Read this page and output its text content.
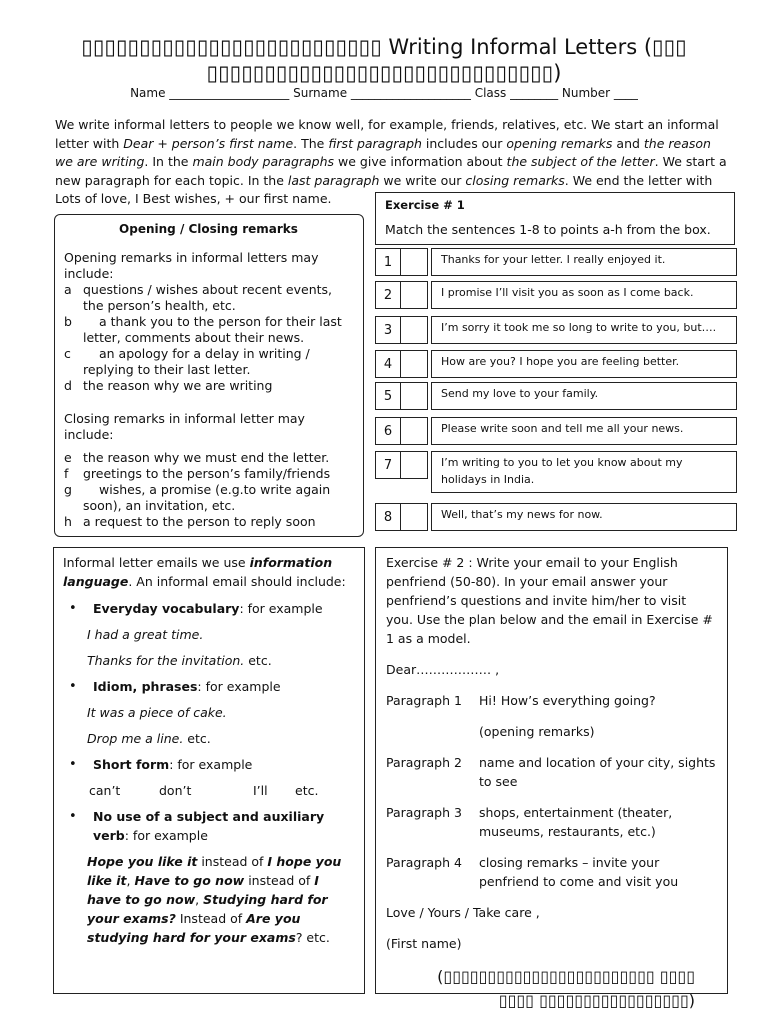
▯▯▯▯▯▯▯▯▯▯▯▯▯▯▯▯▯▯▯▯▯▯▯▯▯▯ Writing Informal Letters (▯▯▯ ▯▯▯▯▯▯▯▯▯▯▯▯▯▯▯▯▯▯▯▯▯▯▯▯▯▯▯▯▯▯)
Name ____________________ Surname ____________________ Class ________ Number ____
We write informal letters to people we know well, for example, friends, relatives, etc. We start an informal letter with Dear + person’s first name. The first paragraph includes our opening remarks and the reason we are writing. In the main body paragraphs we give information about the subject of the letter. We start a new paragraph for each topic. In the last paragraph we write our closing remarks. We end the letter with Lots of love, I Best wishes, + our first name.
Opening / Closing remarks
Opening remarks in informal letters may include:
a questions / wishes about recent events, the person’s health, etc.
b	a thank you to the person for their last letter, comments about their news.
c	an apology for a delay in writing / replying to their last letter.
d the reason why we are writing
Closing remarks in informal letter may include:
e the reason why we must end the letter.
f	greetings to the person’s family/friends
g	wishes, a promise (e.g.to write again soon), an invitation, etc.
h a request to the person to reply soon
Exercise # 1
Match the sentences 1-8 to points a-h from the box.
1	Thanks for your letter. I really enjoyed it.
2	I promise I’ll visit you as soon as I come back.
3	I’m sorry it took me so long to write to you, but….
4	How are you? I hope you are feeling better.
5	Send my love to your family.
6	Please write soon and tell me all your news.
7	I’m writing to you to let you know about my holidays in India.
8	Well, that’s my news for now.
Informal letter emails we use information language. An informal email should include:
•	Everyday vocabulary: for example
I had a great time.
Thanks for the invitation. etc.
•	Idiom, phrases: for example
It was a piece of cake.
Drop me a line. etc.
•	Short form: for example
can’t	don’t	I’ll	etc.
•	No use of a subject and auxiliary verb: for example
Hope you like it instead of I hope you like it, Have to go now instead of I have to go now, Studying hard for your exams? Instead of Are you studying hard for your exams? etc.
Exercise # 2 : Write your email to your English penfriend (50-80). In your email answer your penfriend’s questions and invite him/her to visit you. Use the plan below and the email in Exercise # 1 as a model.
Dear……………… ,
Paragraph 1	Hi! How’s everything going?
(opening remarks)
Paragraph 2	name and location of your city, sights to see
Paragraph 3	shops, entertainment (theater, museums, restaurants, etc.)
Paragraph 4	closing remarks – invite your penfriend to come and visit you
Love / Yours / Take care ,
(First name)
(▯▯▯▯▯▯▯▯▯▯▯▯▯▯▯▯▯▯▯▯▯▯▯▯ ▯▯▯▯ ▯▯▯▯ ▯▯▯▯▯▯▯▯▯▯▯▯▯▯▯▯▯)
